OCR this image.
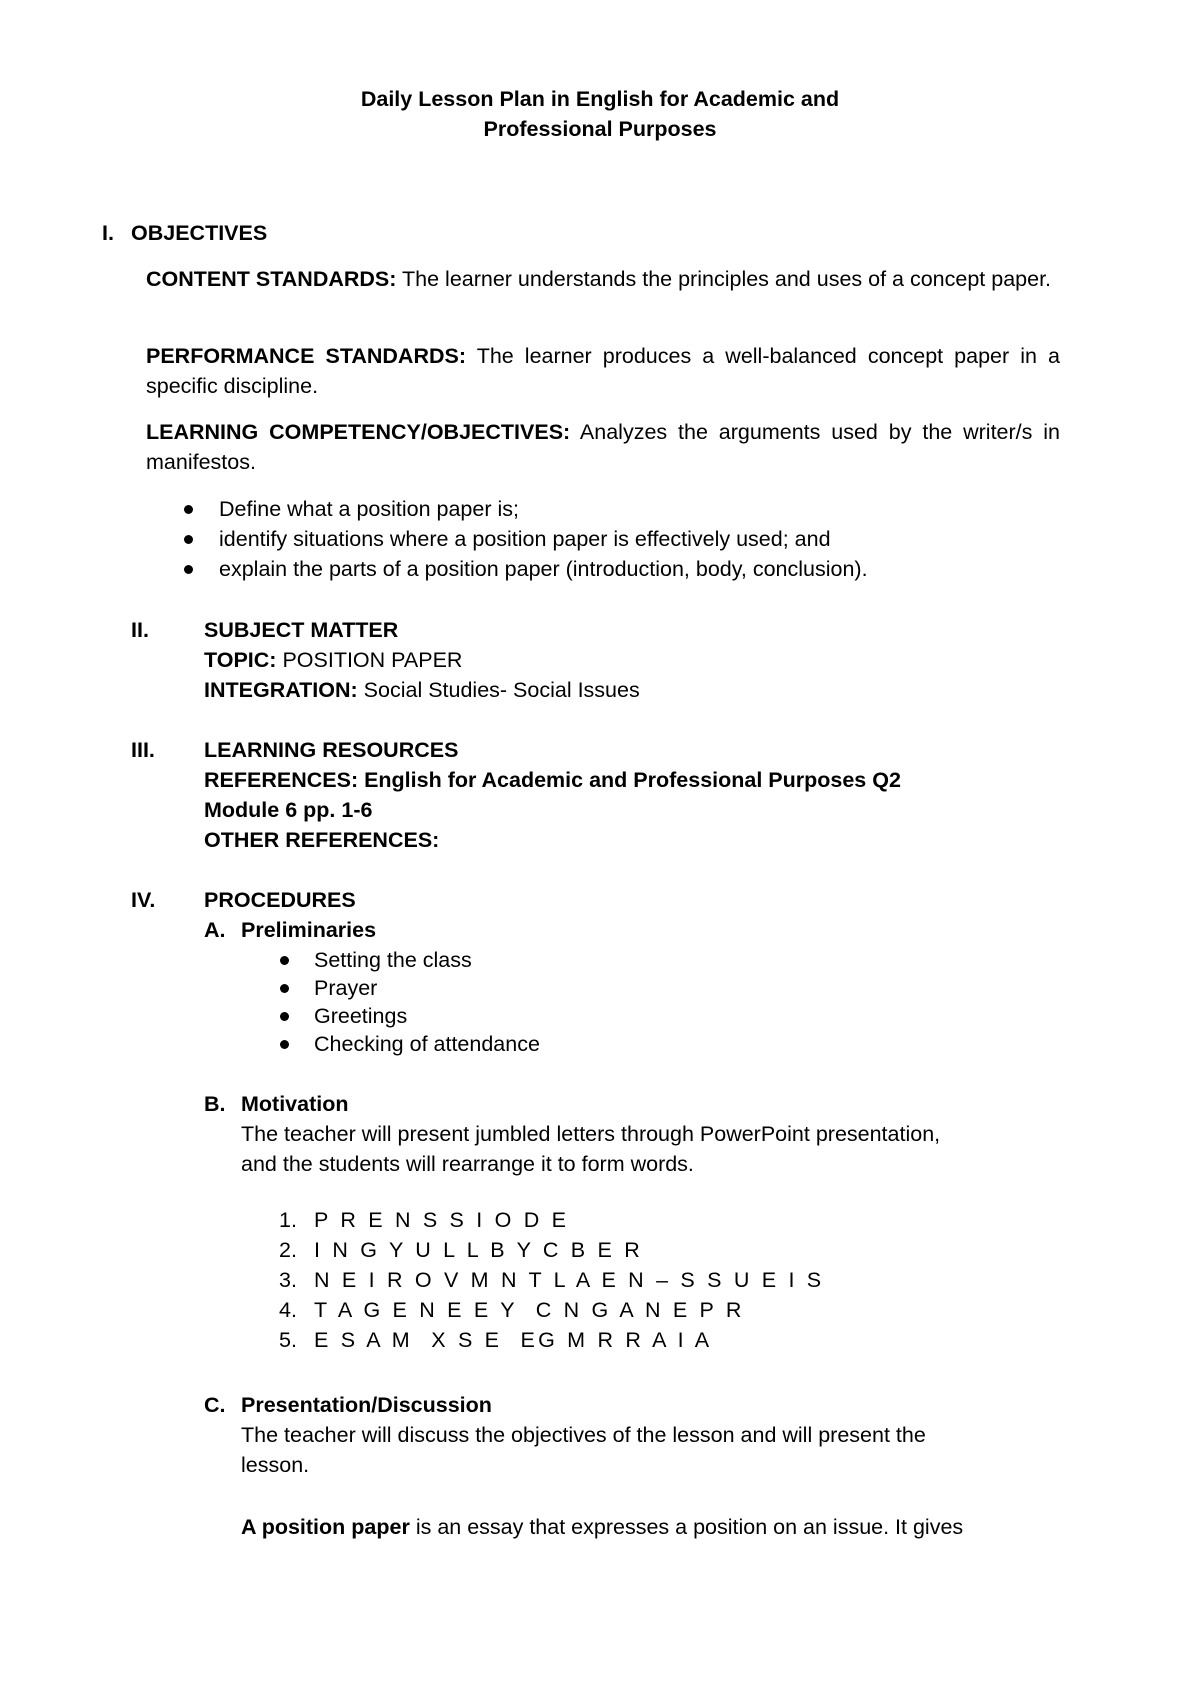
Daily Lesson Plan in English for Academic and
Professional Purposes
I. OBJECTIVES
CONTENT STANDARDS: The learner understands the principles and uses of a concept paper.
PERFORMANCE STANDARDS: The learner produces a well-balanced concept paper in a specific discipline.
LEARNING COMPETENCY/OBJECTIVES: Analyzes the arguments used by the writer/s in manifestos.
Define what a position paper is;
identify situations where a position paper is effectively used; and
explain the parts of a position paper (introduction, body, conclusion).
II.	SUBJECT MATTER
TOPIC: POSITION PAPER
INTEGRATION: Social Studies- Social Issues
III. LEARNING RESOURCES
REFERENCES: English for Academic and Professional Purposes Q2
Module 6 pp. 1-6
OTHER REFERENCES:
IV. PROCEDURES
A. Preliminaries
Setting the class
Prayer
Greetings
Checking of attendance
B. Motivation
The teacher will present jumbled letters through PowerPoint presentation,
and the students will rearrange it to form words.
1. P R E N S S I O D E
2. I N G Y U L L B Y C B E R
3. N E I R O V M N T L A E N – S S U E I S
4. T A G E N E E Y  C N G A N E P R
5. E S A M  X S E  EG M R R A I A
C. Presentation/Discussion
The teacher will discuss the objectives of the lesson and will present the
lesson.
A position paper is an essay that expresses a position on an issue. It gives
